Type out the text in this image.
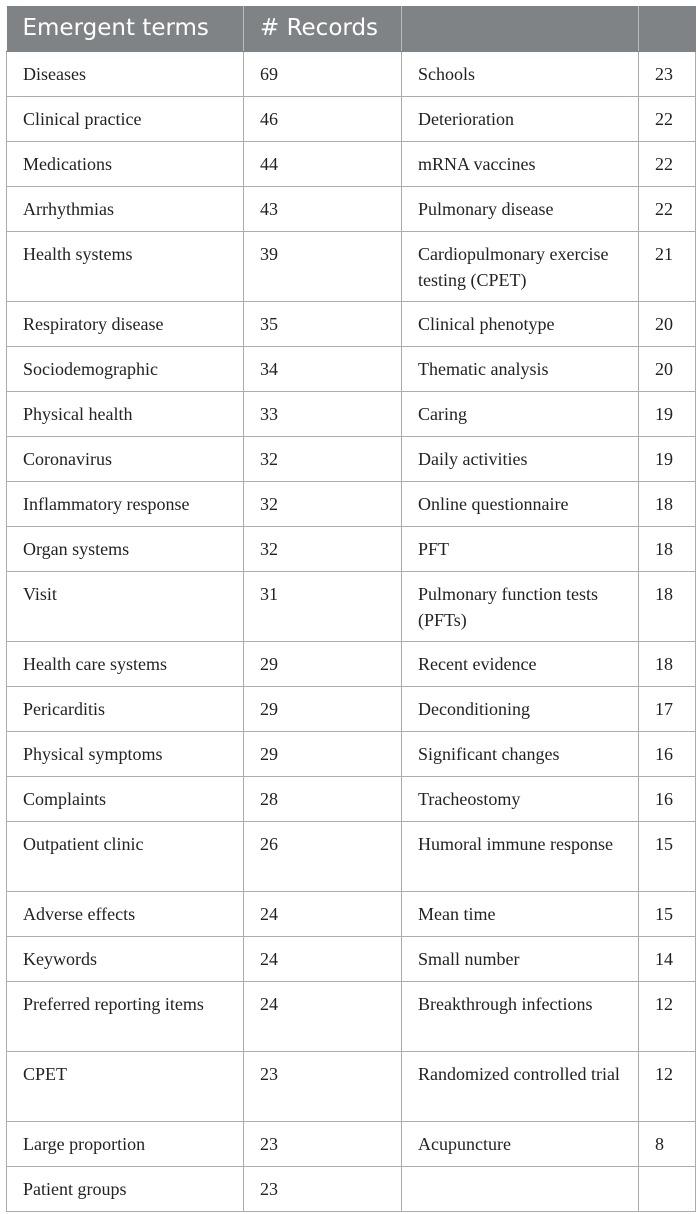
Emergent terms	# Records		
Diseases	69	Schools	23
Clinical practice	46	Deterioration	22
Medications	44	mRNA vaccines	22
Arrhythmias	43	Pulmonary disease	22
Health systems	39	Cardiopulmonary exercise testing (CPET)	21
Respiratory disease	35	Clinical phenotype	20
Sociodemographic	34	Thematic analysis	20
Physical health	33	Caring	19
Coronavirus	32	Daily activities	19
Inflammatory response	32	Online questionnaire	18
Organ systems	32	PFT	18
Visit	31	Pulmonary function tests (PFTs)	18
Health care systems	29	Recent evidence	18
Pericarditis	29	Deconditioning	17
Physical symptoms	29	Significant changes	16
Complaints	28	Tracheostomy	16
Outpatient clinic	26	Humoral immune response	15
Adverse effects	24	Mean time	15
Keywords	24	Small number	14
Preferred reporting items	24	Breakthrough infections	12
CPET	23	Randomized controlled trial	12
Large proportion	23	Acupuncture	8
Patient groups	23		
